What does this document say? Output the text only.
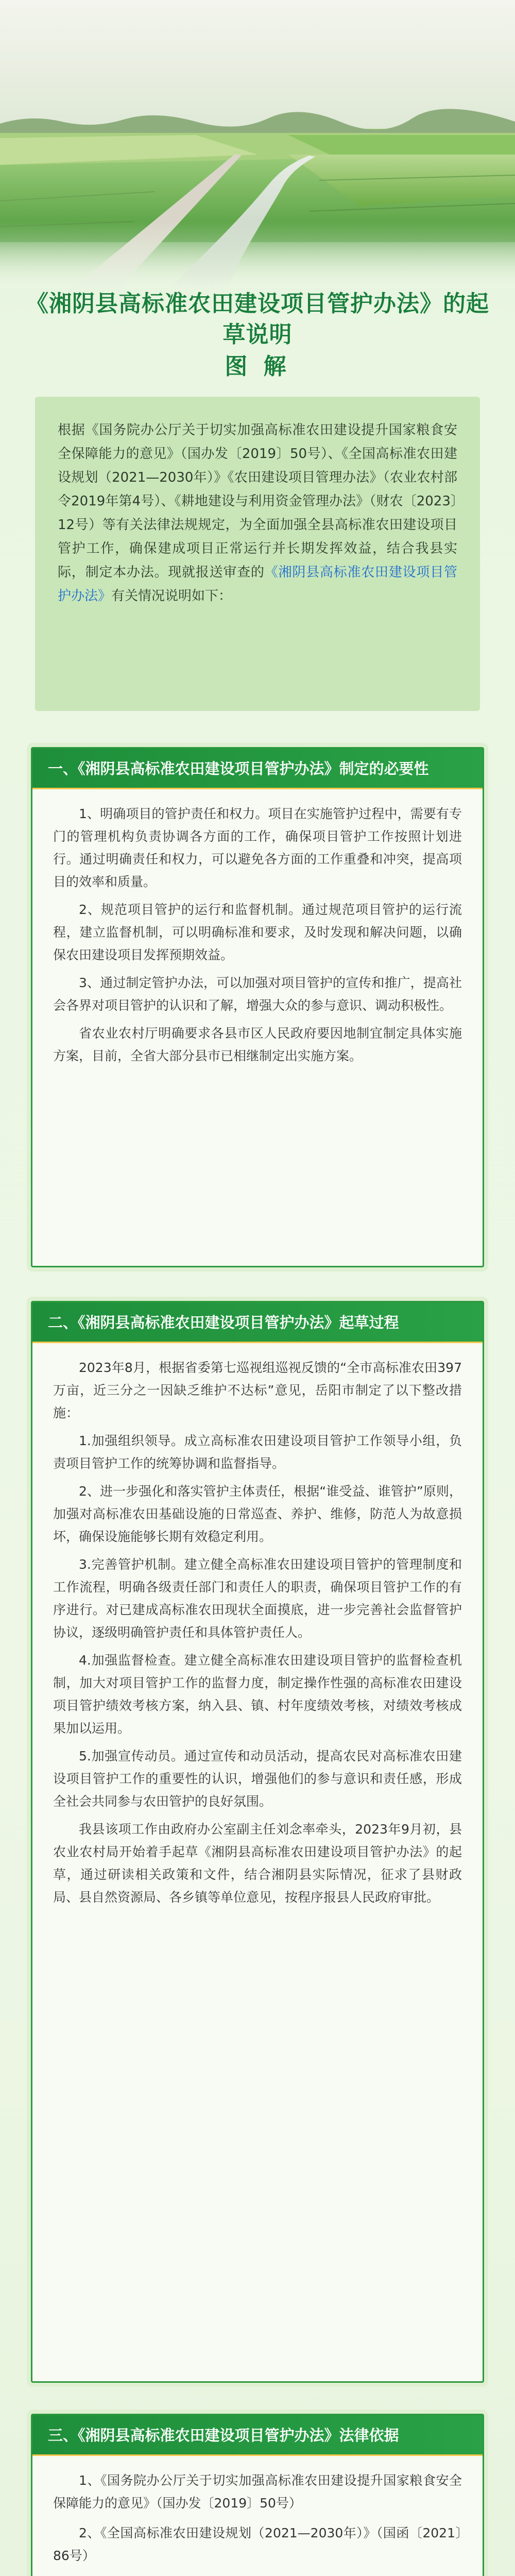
《湘阴县高标准农田建设项目管护办法》的起草说明
图 解
根据《国务院办公厅关于切实加强高标准农田建设提升国家粮食安全保障能力的意见》（国办发〔2019〕50号）、《全国高标准农田建设规划（2021—2030年）》《农田建设项目管理办法》（农业农村部令2019年第4号）、《耕地建设与利用资金管理办法》（财农〔2023〕12号）等有关法律法规规定，为全面加强全县高标准农田建设项目管护工作，确保建成项目正常运行并长期发挥效益，结合我县实际，制定本办法。现就报送审查的《湘阴县高标准农田建设项目管护办法》有关情况说明如下：
一、《湘阴县高标准农田建设项目管护办法》制定的必要性

1、明确项目的管护责任和权力。项目在实施管护过程中，需要有专门的管理机构负责协调各方面的工作，确保项目管护工作按照计划进行。通过明确责任和权力，可以避免各方面的工作重叠和冲突，提高项目的效率和质量。

2、规范项目管护的运行和监督机制。通过规范项目管护的运行流程，建立监督机制，可以明确标准和要求，及时发现和解决问题，以确保农田建设项目发挥预期效益。

3、通过制定管护办法，可以加强对项目管护的宣传和推广，提高社会各界对项目管护的认识和了解，增强大众的参与意识、调动积极性。

省农业农村厅明确要求各县市区人民政府要因地制宜制定具体实施方案，目前，全省大部分县市已相继制定出实施方案。

二、《湘阴县高标准农田建设项目管护办法》起草过程

2023年8月，根据省委第七巡视组巡视反馈的“全市高标准农田397万亩，近三分之一因缺乏维护不达标”意见，岳阳市制定了以下整改措施：

1.加强组织领导。成立高标准农田建设项目管护工作领导小组，负责项目管护工作的统筹协调和监督指导。

2、进一步强化和落实管护主体责任，根据“谁受益、谁管护”原则，加强对高标准农田基础设施的日常巡查、养护、维修，防范人为故意损坏，确保设施能够长期有效稳定利用。

3.完善管护机制。建立健全高标准农田建设项目管护的管理制度和工作流程，明确各级责任部门和责任人的职责，确保项目管护工作的有序进行。对已建成高标准农田现状全面摸底，进一步完善社会监督管护协议，逐级明确管护责任和具体管护责任人。

4.加强监督检查。建立健全高标准农田建设项目管护的监督检查机制，加大对项目管护工作的监督力度，制定操作性强的高标准农田建设项目管护绩效考核方案，纳入县、镇、村年度绩效考核，对绩效考核成果加以运用。

5.加强宣传动员。通过宣传和动员活动，提高农民对高标准农田建设项目管护工作的重要性的认识，增强他们的参与意识和责任感，形成全社会共同参与农田管护的良好氛围。

我县该项工作由政府办公室副主任刘念率牵头，2023年9月初，县农业农村局开始着手起草《湘阴县高标准农田建设项目管护办法》的起草，通过研读相关政策和文件，结合湘阴县实际情况，征求了县财政局、县自然资源局、各乡镇等单位意见，按程序报县人民政府审批。

三、《湘阴县高标准农田建设项目管护办法》法律依据

1、《国务院办公厅关于切实加强高标准农田建设提升国家粮食安全保障能力的意见》（国办发〔2019〕50号）

2、《全国高标准农田建设规划（2021—2030年）》（国函〔2021〕86号）
